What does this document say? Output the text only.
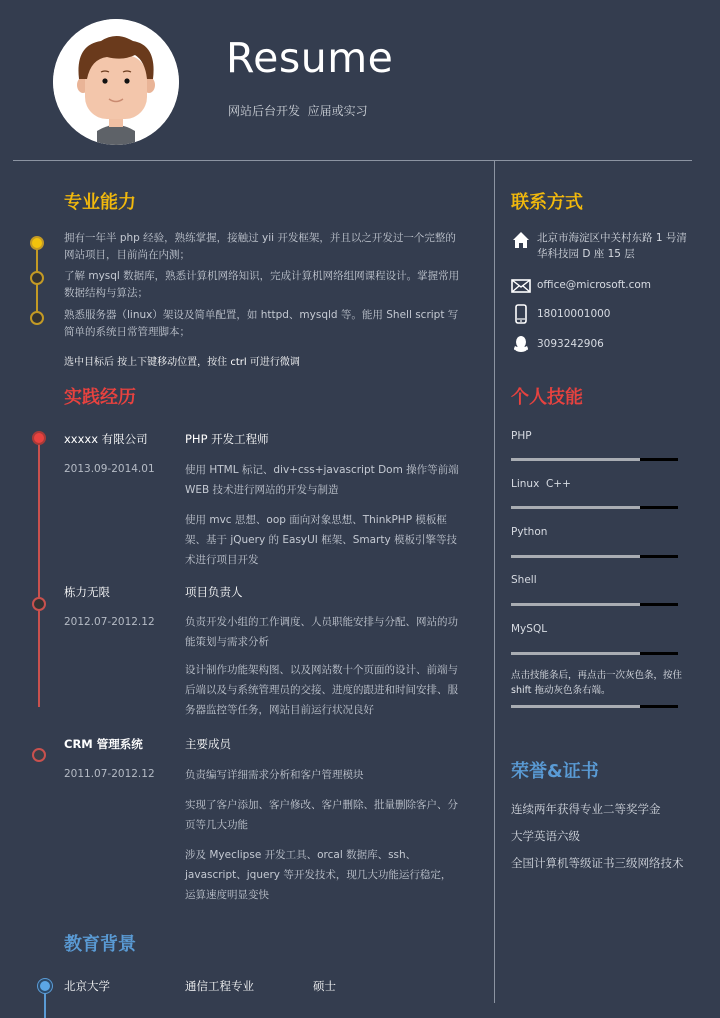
Resume
网站后台开发  应届或实习
专业能力
拥有一年半 php 经验，熟练掌握，接触过 yii 开发框架，并且以之开发过一个完整的网站项目，目前尚在内测；
了解 mysql 数据库，熟悉计算机网络知识，完成计算机网络组网课程设计。掌握常用数据结构与算法；
熟悉服务器（linux）架设及简单配置，如 httpd、mysqld 等。能用 Shell script 写简单的系统日常管理脚本；
选中目标后 按上下键移动位置，按住 ctrl 可进行微调
实践经历
xxxxx 有限公司	PHP 开发工程师
2013.09-2014.01	使用 HTML 标记、div+css+javascript Dom 操作等前端 WEB 技术进行网站的开发与制造
使用 mvc 思想、oop 面向对象思想、ThinkPHP 模板框架、基于 jQuery 的 EasyUI 框架、Smarty 模板引擎等技术进行项目开发
栋力无限	项目负责人
2012.07-2012.12	负责开发小组的工作调度、人员职能安排与分配、网站的功能策划与需求分析
设计制作功能架构图、以及网站数十个页面的设计、前端与后端以及与系统管理员的交接、进度的跟进和时间安排、服务器监控等任务，网站目前运行状况良好
CRM 管理系统	主要成员
2011.07-2012.12	负责编写详细需求分析和客户管理模块
实现了客户添加、客户修改、客户删除、批量删除客户、分页等几大功能
涉及 Myeclipse 开发工具、orcal 数据库、ssh、javascript、jquery 等开发技术，现几大功能运行稳定，运算速度明显变快
教育背景
北京大学	通信工程专业	硕士
联系方式
北京市海淀区中关村东路 1 号清华科技园 D 座 15 层
office@microsoft.com
18010001000
3093242906
个人技能
PHP
Linux  C++
Python
Shell
MySQL
点击技能条后，再点击一次灰色条，按住 shift 拖动灰色条右端。
荣誉&证书
连续两年获得专业二等奖学金
大学英语六级
全国计算机等级证书三级网络技术
